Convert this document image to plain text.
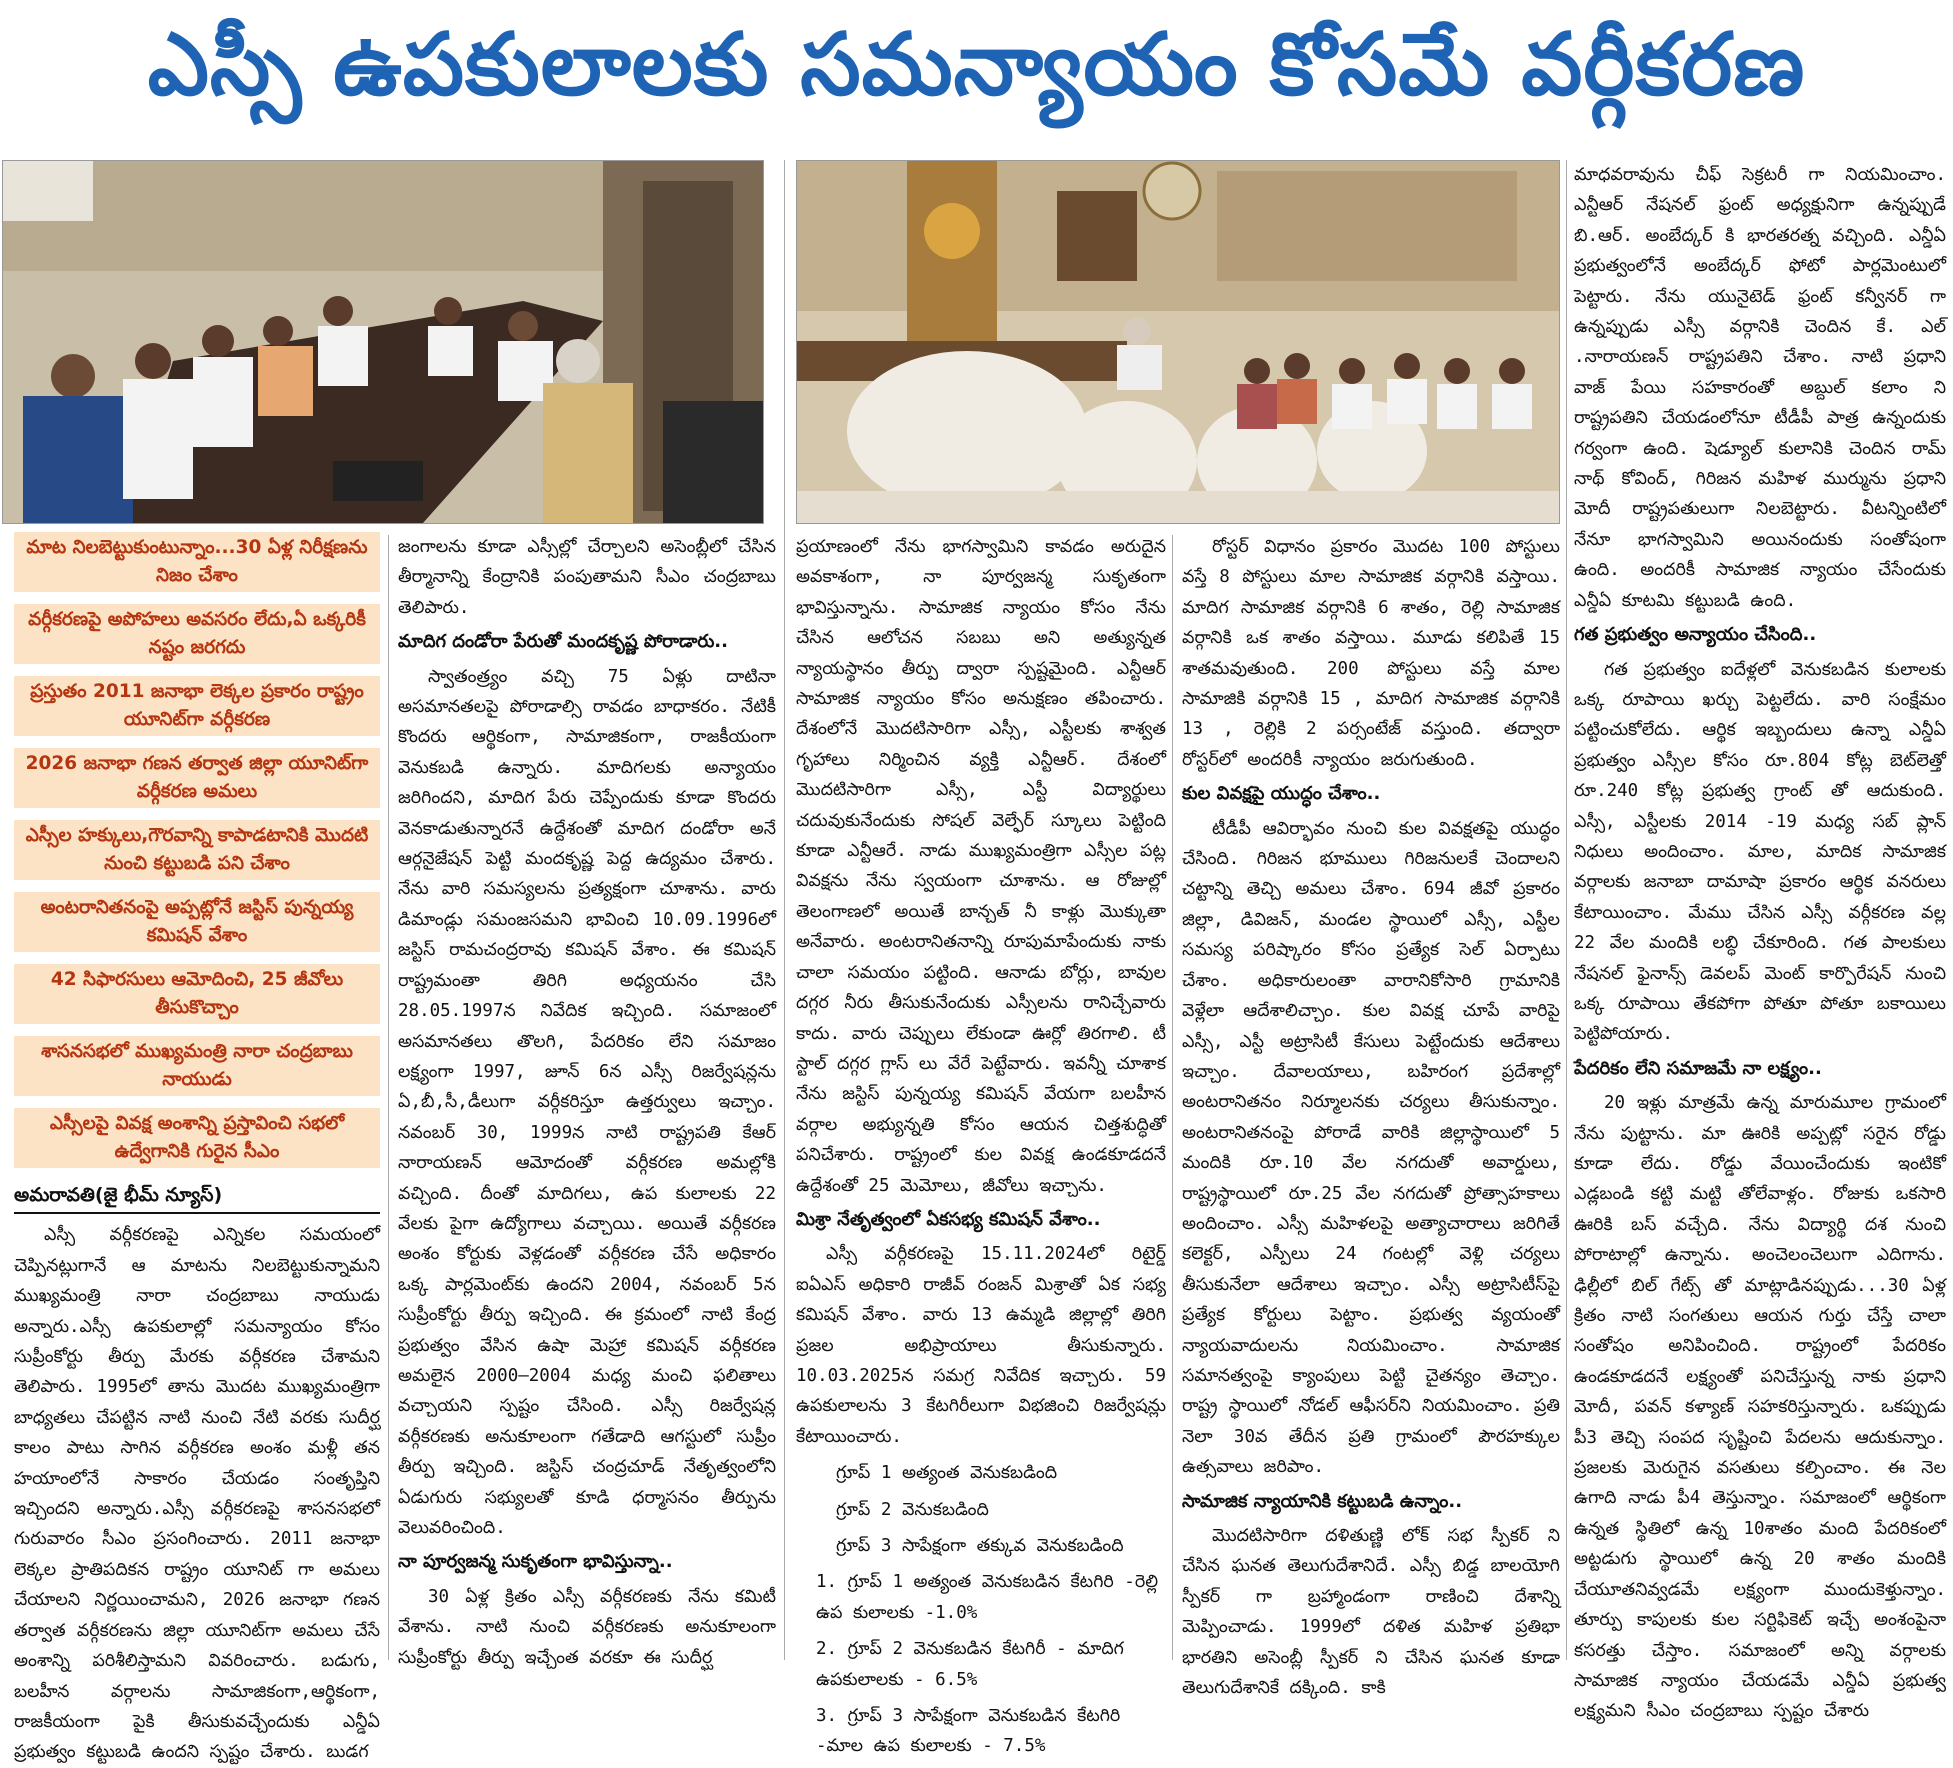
ఎస్సీ ఉపకులాలకు సమన్యాయం కోసమే వర్గీకరణ
మాట నిలబెట్టుకుంటున్నాం...30 ఏళ్ల నిరీక్షణను నిజం చేశాం
వర్గీకరణపై అపోహలు అవసరం లేదు,ఏ ఒక్కరికీ నష్టం జరగదు
ప్రస్తుతం 2011 జనాభా లెక్కల ప్రకారం రాష్ట్రం యూనిట్‌గా వర్గీకరణ
2026 జనాభా గణన తర్వాత జిల్లా యూనిట్‌గా వర్గీకరణ అమలు
ఎస్సీల హక్కులు,గౌరవాన్ని కాపాడటానికి మొదటి నుంచి కట్టుబడి పని చేశాం
అంటరానితనంపై అప్పట్లోనే జస్టిస్ పున్నయ్య కమిషన్ వేశాం
42 సిఫారసులు ఆమోదించి, 25 జీవోలు తీసుకొచ్చాం
శాసనసభలో ముఖ్యమంత్రి నారా చంద్రబాబు నాయుడు
ఎస్సీలపై వివక్ష అంశాన్ని ప్రస్తావించి సభలో ఉద్వేగానికి గురైన సీఎం
అమరావతి(జై భీమ్ న్యూస్)

ఎస్సీ వర్గీకరణపై ఎన్నికల సమయంలో చెప్పినట్లుగానే ఆ మాటను నిలబెట్టుకున్నామని ముఖ్యమంత్రి నారా చంద్రబాబు నాయుడు అన్నారు.ఎస్సీ ఉపకులాల్లో సమన్యాయం కోసం సుప్రీంకోర్టు తీర్పు మేరకు వర్గీకరణ చేశామని తెలిపారు. 1995లో తాను మొదట ముఖ్యమంత్రిగా బాధ్యతలు చేపట్టిన నాటి నుంచి నేటి వరకు సుదీర్ఘ కాలం పాటు సాగిన వర్గీకరణ అంశం మళ్లీ తన హయాంలోనే సాకారం చేయడం సంతృప్తిని ఇచ్చిందని అన్నారు.ఎస్సీ వర్గీకరణపై శాసనసభలో గురువారం సీఎం ప్రసంగించారు. 2011 జనాభా లెక్కల ప్రాతిపదికన రాష్ట్రం యూనిట్ గా అమలు చేయాలని నిర్ణయించామని, 2026 జనాభా గణన తర్వాత వర్గీకరణను జిల్లా యూనిట్‌గా అమలు చేసే అంశాన్ని పరిశీలిస్తామని వివరించారు. బడుగు, బలహీన వర్గాలను సామాజికంగా,ఆర్థికంగా, రాజకీయంగా పైకి తీసుకువచ్చేందుకు ఎన్డీఏ ప్రభుత్వం కట్టుబడి ఉందని స్పష్టం చేశారు. బుడగ

జంగాలను కూడా ఎస్సీల్లో చేర్చాలని అసెంబ్లీలో చేసిన తీర్మానాన్ని కేంద్రానికి పంపుతామని సీఎం చంద్రబాబు తెలిపారు.

మాదిగ దండోరా పేరుతో మందకృష్ణ పోరాడారు..

స్వాతంత్ర్యం వచ్చి 75 ఏళ్లు దాటినా అసమానతలపై పోరాడాల్సి రావడం బాధాకరం. నేటికీ కొందరు ఆర్థికంగా, సామాజికంగా, రాజకీయంగా వెనుకబడి ఉన్నారు. మాదిగలకు అన్యాయం జరిగిందని, మాదిగ పేరు చెప్పేందుకు కూడా కొందరు వెనకాడుతున్నారనే ఉద్దేశంతో మాదిగ దండోరా అనే ఆర్గనైజేషన్ పెట్టి మందకృష్ణ పెద్ద ఉద్యమం చేశారు. నేను వారి సమస్యలను ప్రత్యక్షంగా చూశాను. వారు డిమాండ్లు సమంజసమని భావించి 10.09.1996లో జస్టిస్ రామచంద్రరావు కమిషన్ వేశాం. ఈ కమిషన్ రాష్ట్రమంతా తిరిగి అధ్యయనం చేసి 28.05.1997న నివేదిక ఇచ్చింది. సమాజంలో అసమానతలు తొలగి, పేదరికం లేని సమాజం లక్ష్యంగా 1997, జూన్ 6న ఎస్సీ రిజర్వేషన్లను ఏ,బీ,సీ,డీలుగా వర్గీకరిస్తూ ఉత్తర్వులు ఇచ్చాం. నవంబర్ 30, 1999న నాటి రాష్ట్రపతి కేఆర్ నారాయణన్ ఆమోదంతో వర్గీకరణ అమల్లోకి వచ్చింది. దీంతో మాదిగలు, ఉప కులాలకు 22 వేలకు పైగా ఉద్యోగాలు వచ్చాయి. అయితే వర్గీకరణ అంశం కోర్టుకు వెళ్లడంతో వర్గీకరణ చేసే అధికారం ఒక్క పార్లమెంట్‌కు ఉందని 2004, నవంబర్ 5న సుప్రీంకోర్టు తీర్పు ఇచ్చింది. ఈ క్రమంలో నాటి కేంద్ర ప్రభుత్వం వేసిన ఉషా మెహ్రా కమిషన్ వర్గీకరణ అమలైన 2000–2004 మధ్య మంచి ఫలితాలు వచ్చాయని స్పష్టం చేసింది. ఎస్సీ రిజర్వేషన్ల వర్గీకరణకు అనుకూలంగా గతేడాది ఆగస్టులో సుప్రీం తీర్పు ఇచ్చింది. జస్టిస్ చంద్రచూడ్ నేతృత్వంలోని ఏడుగురు సభ్యులతో కూడి ధర్మాసనం తీర్పును వెలువరించింది.

నా పూర్వజన్మ సుకృతంగా భావిస్తున్నా..

30 ఏళ్ల క్రితం ఎస్సీ వర్గీకరణకు నేను కమిటీ వేశాను. నాటి నుంచి వర్గీకరణకు అనుకూలంగా సుప్రీంకోర్టు తీర్పు ఇచ్చేంత వరకూ ఈ సుదీర్ఘ

ప్రయాణంలో నేను భాగస్వామిని కావడం అరుదైన అవకాశంగా, నా పూర్వజన్మ సుకృతంగా భావిస్తున్నాను. సామాజిక న్యాయం కోసం నేను చేసిన ఆలోచన సబబు అని అత్యున్నత న్యాయస్థానం తీర్పు ద్వారా స్పష్టమైంది. ఎన్టీఆర్ సామాజిక న్యాయం కోసం అనుక్షణం తపించారు. దేశంలోనే మొదటిసారిగా ఎస్సీ, ఎస్టీలకు శాశ్వత గృహాలు నిర్మించిన వ్యక్తి ఎన్టీఆర్. దేశంలో మొదటిసారిగా ఎస్సీ, ఎస్టీ విద్యార్థులు చదువుకునేందుకు సోషల్ వెల్ఫేర్ స్కూలు పెట్టింది కూడా ఎన్టీఆరే. నాడు ముఖ్యమంత్రిగా ఎస్సీల పట్ల వివక్షను నేను స్వయంగా చూశాను. ఆ రోజుల్లో తెలంగాణలో అయితే బాన్చత్ నీ కాళ్లు మొక్కుతా అనేవారు. అంటరానితనాన్ని రూపుమాపేందుకు నాకు చాలా సమయం పట్టింది. ఆనాడు బోర్లు, బావుల దగ్గర నీరు తీసుకునేందుకు ఎస్సీలను రానిచ్చేవారు కాదు. వారు చెప్పులు లేకుండా ఊర్లో తిరగాలి. టీ స్టాల్ దగ్గర గ్లాస్ లు వేరే పెట్టేవారు. ఇవన్నీ చూశాక నేను జస్టిస్ పున్నయ్య కమిషన్ వేయగా బలహీన వర్గాల అభ్యున్నతి కోసం ఆయన చిత్తశుద్ధితో పనిచేశారు. రాష్ట్రంలో కుల వివక్ష ఉండకూడదనే ఉద్దేశంతో 25 మెమోలు, జీవోలు ఇచ్చాను.

మిశ్రా నేతృత్వంలో ఏకసభ్య కమిషన్ వేశాం..

ఎస్సీ వర్గీకరణపై 15.11.2024లో రిటైర్డ్ ఐఏఎస్ అధికారి రాజీవ్ రంజన్ మిశ్రాతో ఏక సభ్య కమిషన్ వేశాం. వారు 13 ఉమ్మడి జిల్లాల్లో తిరిగి ప్రజల అభిప్రాయాలు తీసుకున్నారు. 10.03.2025న సమగ్ర నివేదిక ఇచ్చారు. 59 ఉపకులాలను 3 కేటగిరీలుగా విభజించి రిజర్వేషన్లు కేటాయించారు.

గ్రూప్ 1 అత్యంత వెనుకబడింది
గ్రూప్ 2 వెనుకబడింది
గ్రూప్ 3 సాపేక్షంగా తక్కువ వెనుకబడింది
1. గ్రూప్ 1 అత్యంత వెనుకబడిన కేటగిరి -రెల్లి ఉప కులాలకు -1.0%
2. గ్రూప్ 2 వెనుకబడిన కేటగిరీ - మాదిగ ఉపకులాలకు - 6.5%
3. గ్రూప్ 3 సాపేక్షంగా వెనుకబడిన కేటగిరి -మాల ఉప కులాలకు - 7.5%

రోస్టర్ విధానం ప్రకారం మొదట 100 పోస్టులు వస్తే 8 పోస్టులు మాల సామాజిక వర్గానికి వస్తాయి. మాదిగ సామాజిక వర్గానికి 6 శాతం, రెల్లి సామాజిక వర్గానికి ఒక శాతం వస్తాయి. మూడు కలిపితే 15 శాతమవుతుంది. 200 పోస్టులు వస్తే మాల సామాజికి వర్గానికి 15 , మాదిగ సామాజిక వర్గానికి 13 , రెల్లికి 2 పర్సంటేజ్ వస్తుంది. తద్వారా రోస్టర్‌లో అందరికీ న్యాయం జరుగుతుంది.

కుల వివక్షపై యుద్ధం చేశాం..

టీడీపీ ఆవిర్భావం నుంచి కుల వివక్షతపై యుద్ధం చేసింది. గిరిజన భూములు గిరిజనులకే చెందాలని చట్టాన్ని తెచ్చి అమలు చేశాం. 694 జీవో ప్రకారం జిల్లా, డివిజన్, మండల స్థాయిలో ఎస్సీ, ఎస్టీల సమస్య పరిష్కారం కోసం ప్రత్యేక సెల్ ఏర్పాటు చేశాం. అధికారులంతా వారానికోసారి గ్రామానికి వెళ్లేలా ఆదేశాలిచ్చాం. కుల వివక్ష చూపే వారిపై ఎస్సీ, ఎస్టీ అట్రాసిటీ కేసులు పెట్టేందుకు ఆదేశాలు ఇచ్చాం. దేవాలయాలు, బహిరంగ ప్రదేశాల్లో అంటరానితనం నిర్మూలనకు చర్యలు తీసుకున్నాం. అంటరానితనంపై పోరాడే వారికి జిల్లాస్థాయిలో 5 మందికి రూ.10 వేల నగదుతో అవార్డులు, రాష్ట్రస్థాయిలో రూ.25 వేల నగదుతో ప్రోత్సాహకాలు అందించాం. ఎస్సీ మహిళలపై అత్యాచారాలు జరిగితే కలెక్టర్, ఎస్పీలు 24 గంటల్లో వెళ్లి చర్యలు తీసుకునేలా ఆదేశాలు ఇచ్చాం. ఎస్సీ అట్రాసిటీస్‌పై ప్రత్యేక కోర్టులు పెట్టాం. ప్రభుత్వ వ్యయంతో న్యాయవాదులను నియమించాం. సామాజిక సమానత్వంపై క్యాంపులు పెట్టి చైతన్యం తెచ్చాం. రాష్ట్ర స్థాయిలో నోడల్ ఆఫీసర్‌ని నియమించాం. ప్రతి నెలా 30వ తేదీన ప్రతి గ్రామంలో పౌరహక్కుల ఉత్సవాలు జరిపాం.

సామాజిక న్యాయానికి కట్టుబడి ఉన్నాం..

మొదటిసారిగా దళితుణ్ణి లోక్ సభ స్పీకర్ ని చేసిన ఘనత తెలుగుదేశానిదే. ఎస్సీ బిడ్డ బాలయోగి స్పీకర్ గా బ్రహ్మాండంగా రాణించి దేశాన్ని మెప్పించాడు. 1999లో దళిత మహిళ ప్రతిభా భారతిని అసెంబ్లీ స్పీకర్ ని చేసిన ఘనత కూడా తెలుగుదేశానికే దక్కింది. కాకి

మాధవరావును చీఫ్ సెక్రటరీ గా నియమించాం. ఎన్టీఆర్ నేషనల్ ఫ్రంట్ అధ్యక్షునిగా ఉన్నప్పుడే బి.ఆర్. అంబేద్కర్ కి భారతరత్న వచ్చింది. ఎన్డీఏ ప్రభుత్వంలోనే అంబేద్కర్ ఫోటో పార్లమెంటులో పెట్టారు. నేను యునైటెడ్ ఫ్రంట్ కన్వీనర్ గా ఉన్నప్పుడు ఎస్సీ వర్గానికి చెందిన కే. ఎల్ .నారాయణన్ రాష్ట్రపతిని చేశాం. నాటి ప్రధాని వాజ్ పేయి సహకారంతో అబ్దుల్ కలాం ని రాష్ట్రపతిని చేయడంలోనూ టీడీపీ పాత్ర ఉన్నందుకు గర్వంగా ఉంది. షెడ్యూల్ కులానికి చెందిన రామ్ నాథ్ కోవింద్, గిరిజన మహిళ ముర్మును ప్రధాని మోదీ రాష్ట్రపతులుగా నిలబెట్టారు. వీటన్నింటిలో నేనూ భాగస్వామిని అయినందుకు సంతోషంగా ఉంది. అందరికీ సామాజిక న్యాయం చేసేందుకు ఎన్డీఏ కూటమి కట్టుబడి ఉంది.

గత ప్రభుత్వం అన్యాయం చేసింది..

గత ప్రభుత్వం ఐదేళ్లలో వెనుకబడిన కులాలకు ఒక్క రూపాయి ఖర్చు పెట్టలేదు. వారి సంక్షేమం పట్టించుకోలేదు. ఆర్థిక ఇబ్బందులు ఉన్నా ఎన్డీఏ ప్రభుత్వం ఎస్సీల కోసం రూ.804 కోట్ల బెట్‌లెత్తో రూ.240 కోట్ల ప్రభుత్వ గ్రాంట్ తో ఆదుకుంది. ఎస్సీ, ఎస్టీలకు 2014 -19 మధ్య సబ్ ప్లాన్ నిధులు అందించాం. మాల, మాదిక సామాజిక వర్గాలకు జనాబా దామాషా ప్రకారం ఆర్థిక వనరులు కేటాయించాం. మేము చేసిన ఎస్సీ వర్గీకరణ వల్ల 22 వేల మందికి లబ్ధి చేకూరింది. గత పాలకులు నేషనల్ ఫైనాన్స్ డెవలప్ మెంట్ కార్పొరేషన్ నుంచి ఒక్క రూపాయి తేకపోగా పోతూ పోతూ బకాయిలు పెట్టిపోయారు.

పేదరికం లేని సమాజమే నా లక్ష్యం..

20 ఇళ్లు మాత్రమే ఉన్న మారుమూల గ్రామంలో నేను పుట్టాను. మా ఊరికి అప్పట్లో సరైన రోడ్డు కూడా లేదు. రోడ్డు వేయించేందుకు ఇంటికో ఎడ్లబండి కట్టి మట్టి తోలేవాళ్లం. రోజుకు ఒకసారి ఊరికి బస్ వచ్చేది. నేను విద్యార్థి దశ నుంచి పోరాటాల్లో ఉన్నాను. అంచెలంచెలుగా ఎదిగాను. ఢిల్లీలో బిల్ గేట్స్ తో మాట్లాడినప్పుడు...30 ఏళ్ల క్రితం నాటి సంగతులు ఆయన గుర్తు చేస్తే చాలా సంతోషం అనిపించింది. రాష్ట్రంలో పేదరికం ఉండకూడదనే లక్ష్యంతో పనిచేస్తున్న నాకు ప్రధాని మోదీ, పవన్ కళ్యాణ్ సహకరిస్తున్నారు. ఒకప్పుడు పీ3 తెచ్చి సంపద సృష్టించి పేదలను ఆదుకున్నాం. ప్రజలకు మెరుగైన వసతులు కల్పించాం. ఈ నెల ఉగాది నాడు పీ4 తెస్తున్నాం. సమాజంలో ఆర్థికంగా ఉన్నత స్థితిలో ఉన్న 10శాతం మంది పేదరికంలో అట్టడుగు స్థాయిలో ఉన్న 20 శాతం మందికి చేయూతనివ్వడమే లక్ష్యంగా ముందుకెళ్తున్నాం. తూర్పు కాపులకు కుల సర్టిఫికెట్ ఇచ్చే అంశంపైనా కసరత్తు చేస్తాం. సమాజంలో అన్ని వర్గాలకు సామాజిక న్యాయం చేయడమే ఎన్డీఏ ప్రభుత్వ లక్ష్యమని సీఎం చంద్రబాబు స్పష్టం చేశారు
